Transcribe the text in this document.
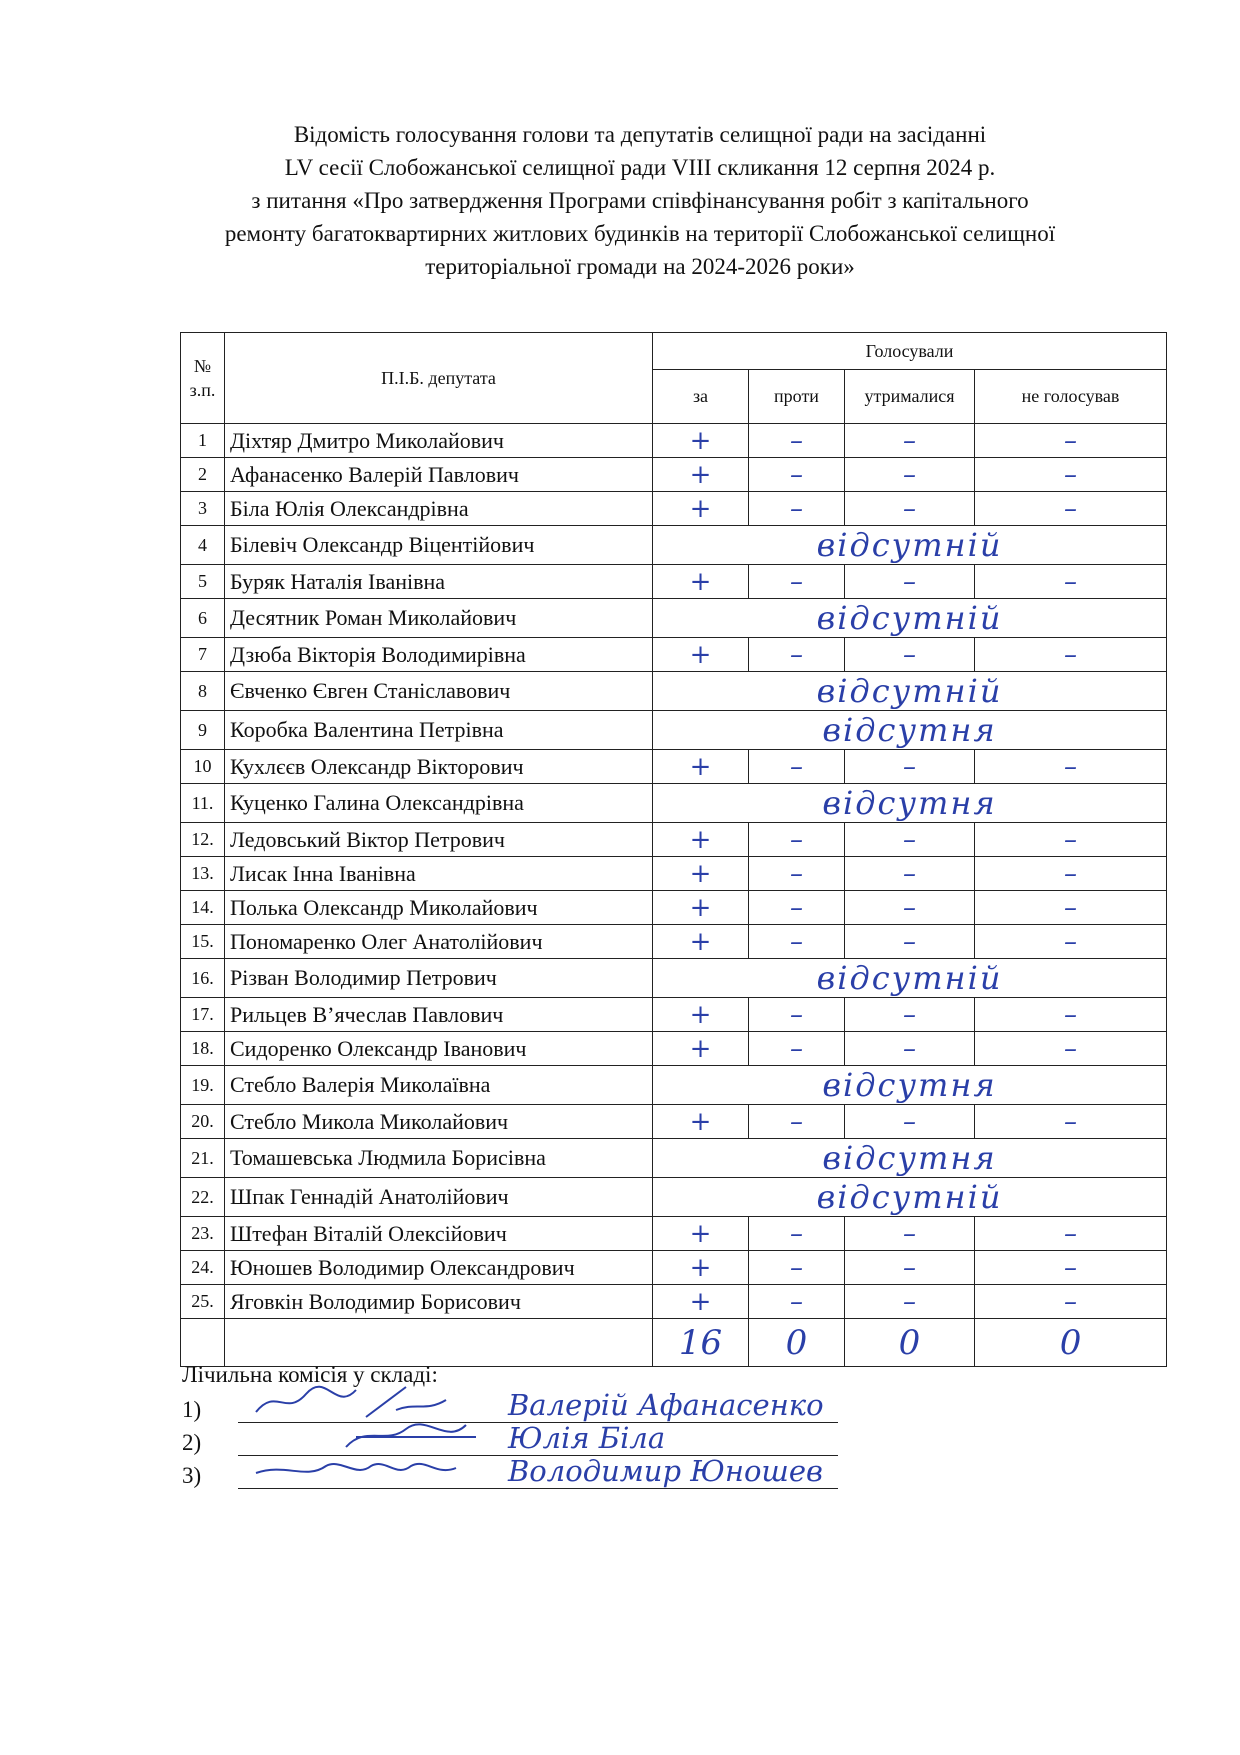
Відомість голосування голови та депутатів селищної ради на засіданні
LV сесії Слобожанської селищної ради VIII скликання 12 серпня 2024 р.
з питання «Про затвердження Програми співфінансування робіт з капітального
ремонту багатоквартирних житлових будинків на території Слобожанської селищної
територіальної громади на 2024-2026 роки»
№ з.п.	П.І.Б. депутата	Голосували			
		за	проти	утрималися	не голосував
1	Діхтяр Дмитро Миколайович	+	–	–	–
2	Афанасенко Валерій Павлович	+	–	–	–
3	Біла Юлія Олександрівна	+	–	–	–
4	Білевіч Олександр Віцентійович	відсутній			
5	Буряк Наталія Іванівна	+	–	–	–
6	Десятник Роман Миколайович	відсутній			
7	Дзюба Вікторія Володимирівна	+	–	–	–
8	Євченко Євген Станіславович	відсутній			
9	Коробка Валентина Петрівна	відсутня			
10	Кухлєєв Олександр Вікторович	+	–	–	–
11.	Куценко Галина Олександрівна	відсутня			
12.	Ледовський Віктор Петрович	+	–	–	–
13.	Лисак Інна Іванівна	+	–	–	–
14.	Полька Олександр Миколайович	+	–	–	–
15.	Пономаренко Олег Анатолійович	+	–	–	–
16.	Різван Володимир Петрович	відсутній			
17.	Рильцев В’ячеслав Павлович	+	–	–	–
18.	Сидоренко Олександр Іванович	+	–	–	–
19.	Стебло Валерія Миколаївна	відсутня			
20.	Стебло Микола Миколайович	+	–	–	–
21.	Томашевська Людмила Борисівна	відсутня			
22.	Шпак Геннадій Анатолійович	відсутній			
23.	Штефан Віталій Олексійович	+	–	–	–
24.	Юношев Володимир Олександрович	+	–	–	–
25.	Яговкін Володимир Борисович	+	–	–	–
		16	0	0	0
Лічильна комісія у складі:
1)	Валерій Афанасенко
2)	Юлія Біла
3)	Володимир Юношев
